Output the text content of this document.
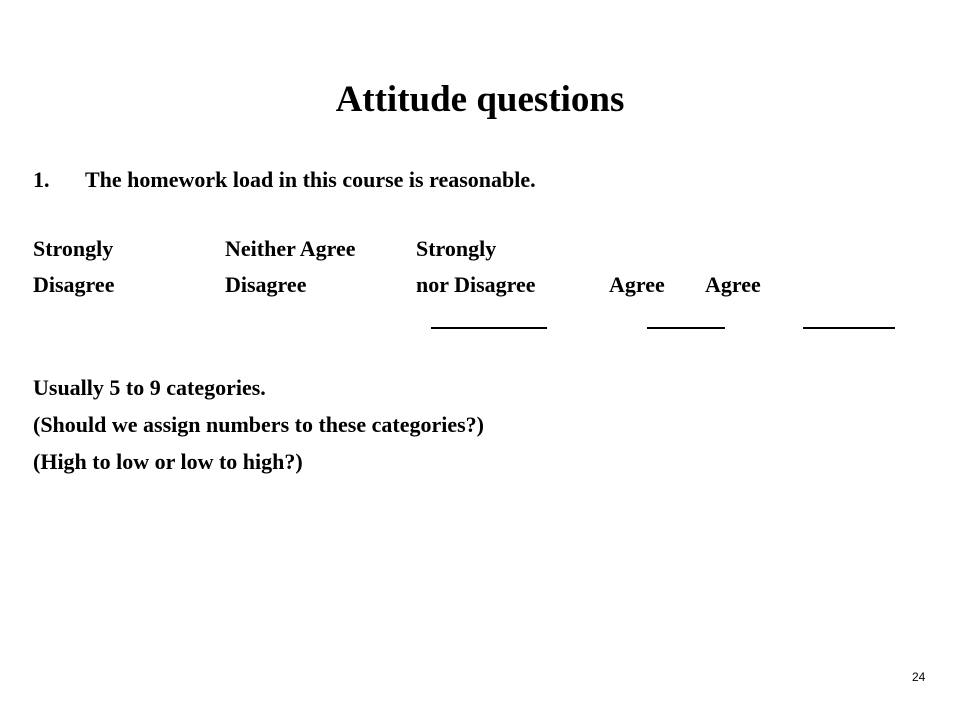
Attitude questions
1. The homework load in this course is reasonable.
Strongly	Neither Agree	Strongly
Disagree	Disagree	nor Disagree	Agree Agree
Usually 5 to 9 categories.
(Should we assign numbers to these categories?)
(High to low or low to high?)
24
